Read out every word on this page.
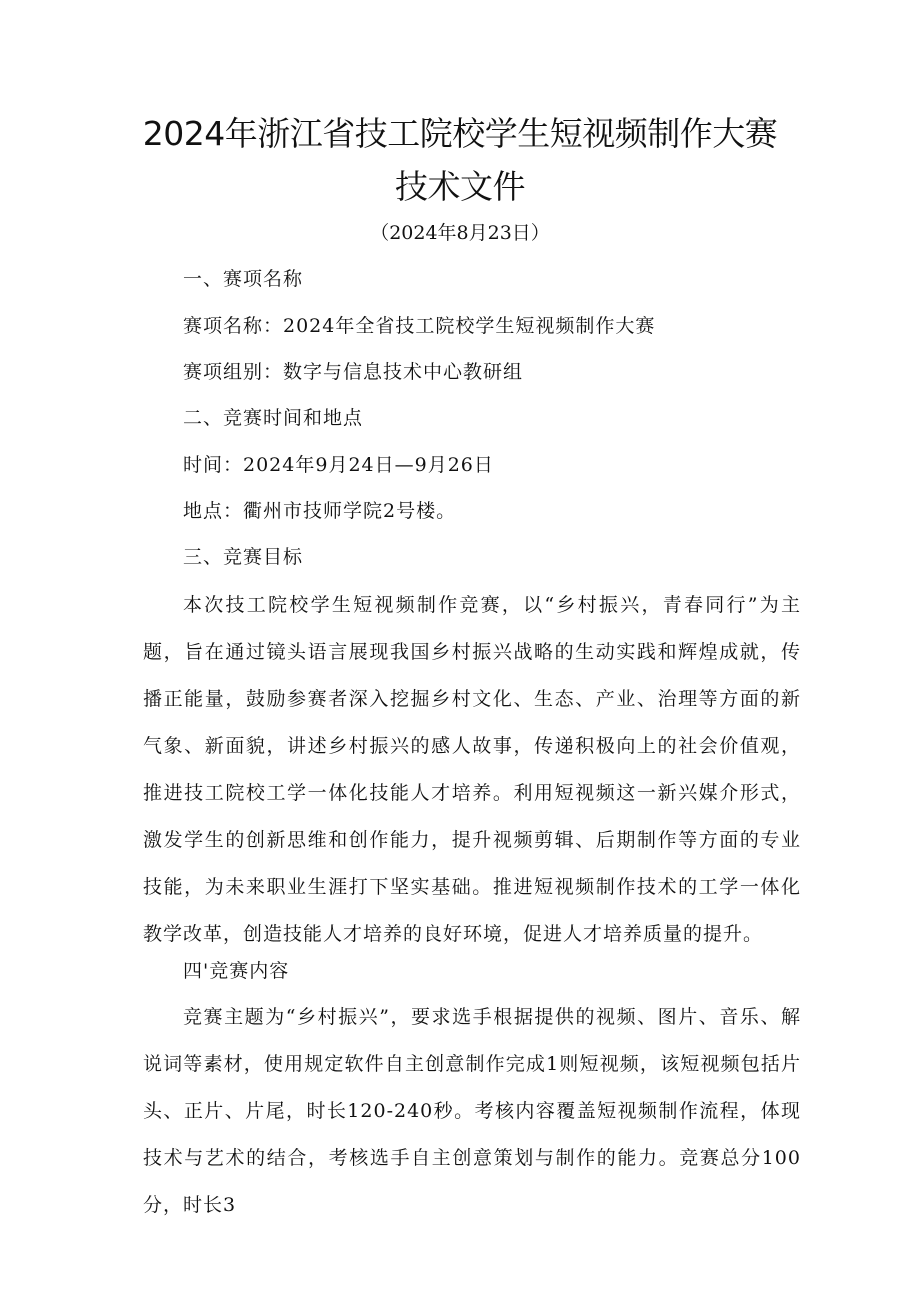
2024年浙江省技工院校学生短视频制作大赛
技术文件
（2024年8月23日）
一、赛项名称
赛项名称：2024年全省技工院校学生短视频制作大赛
赛项组别：数字与信息技术中心教研组
二、竞赛时间和地点
时间：2024年9月24日—9月26日
地点：衢州市技师学院2号楼。
三、竞赛目标
本次技工院校学生短视频制作竞赛，以“乡村振兴，青春同行”为主题，旨在通过镜头语言展现我国乡村振兴战略的生动实践和辉煌成就，传播正能量，鼓励参赛者深入挖掘乡村文化、生态、产业、治理等方面的新气象、新面貌，讲述乡村振兴的感人故事，传递积极向上的社会价值观，推进技工院校工学一体化技能人才培养。利用短视频这一新兴媒介形式，激发学生的创新思维和创作能力，提升视频剪辑、后期制作等方面的专业技能，为未来职业生涯打下坚实基础。推进短视频制作技术的工学一体化教学改革，创造技能人才培养的良好环境，促进人才培养质量的提升。
四'竞赛内容
竞赛主题为“乡村振兴”，要求选手根据提供的视频、图片、音乐、解说词等素材，使用规定软件自主创意制作完成1则短视频，该短视频包括片头、正片、片尾，时长120-240秒。考核内容覆盖短视频制作流程，体现技术与艺术的结合，考核选手自主创意策划与制作的能力。竞赛总分100分，时长3
